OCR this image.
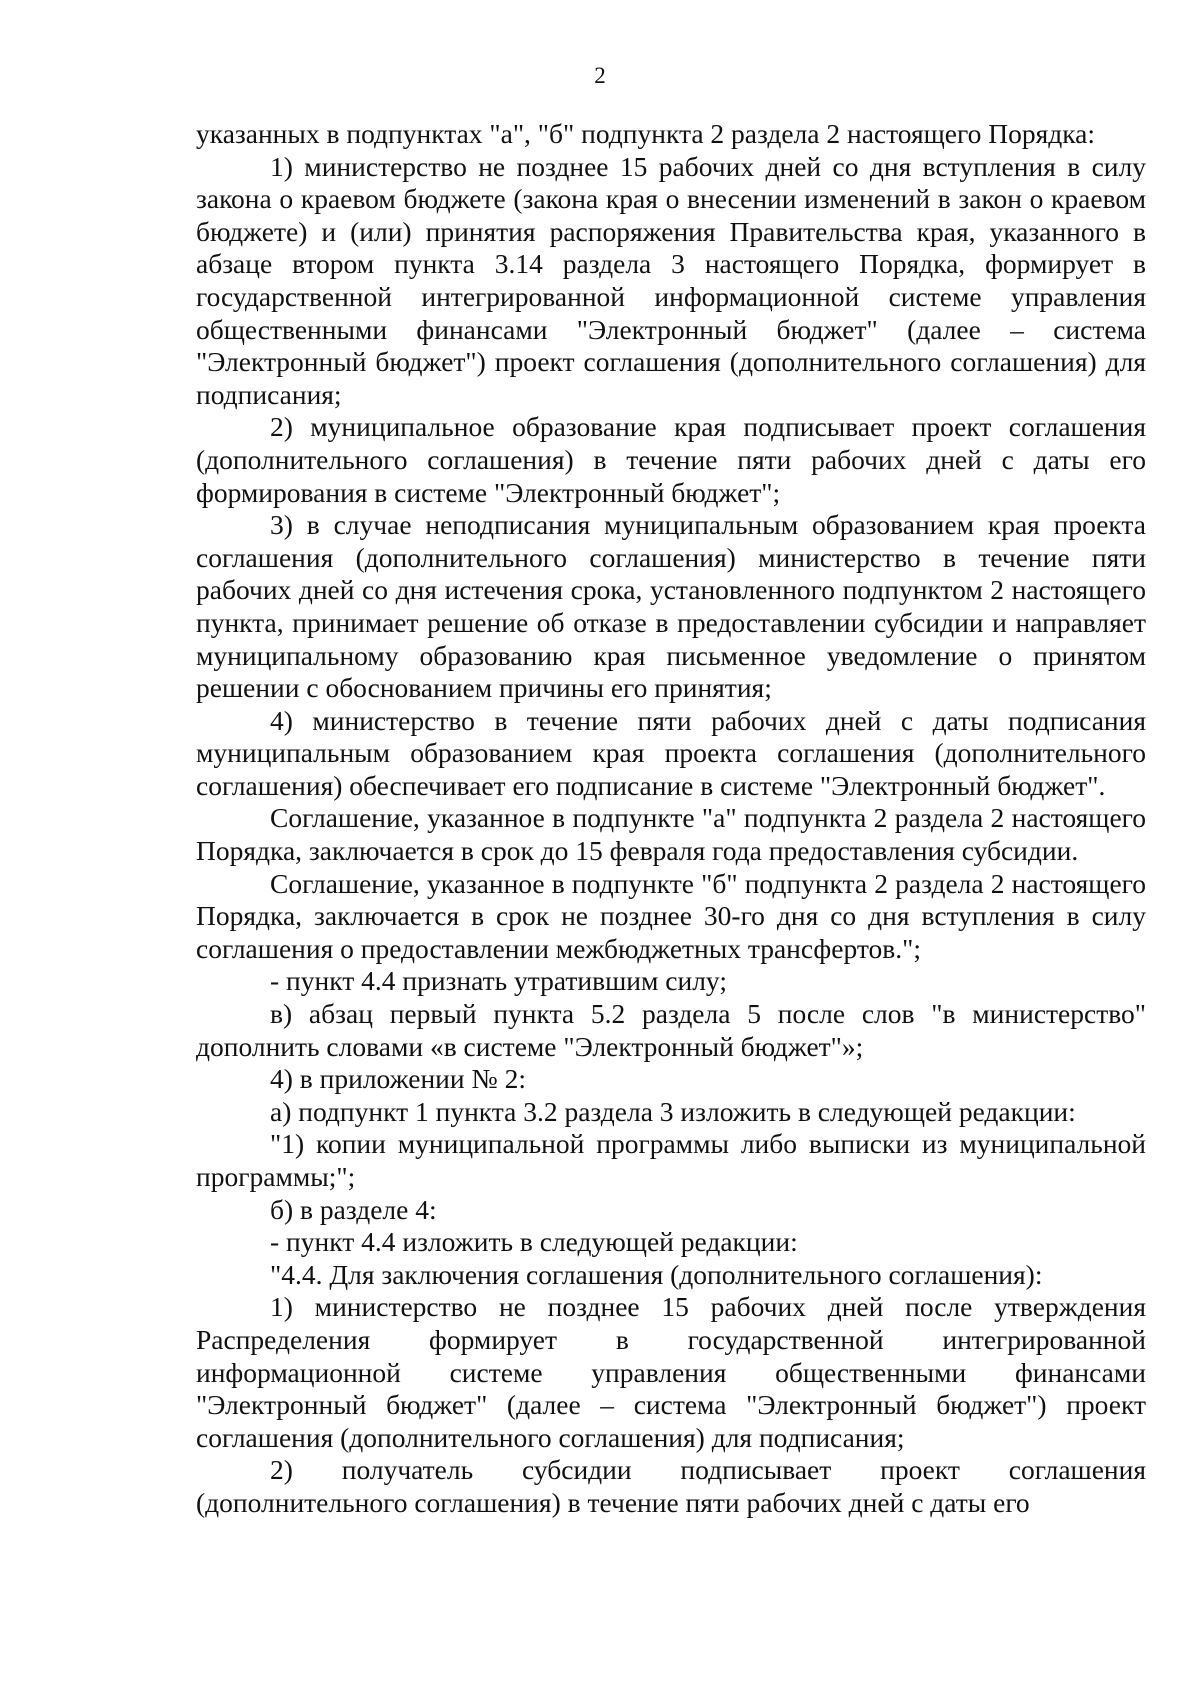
2

указанных в подпунктах "а", "б" подпункта 2 раздела 2 настоящего Порядка:

1) министерство не позднее 15 рабочих дней со дня вступления в силу закона о краевом бюджете (закона края о внесении изменений в закон о краевом бюджете) и (или) принятия распоряжения Правительства края, указанного в абзаце втором пункта 3.14 раздела 3 настоящего Порядка, формирует в государственной интегрированной информационной системе управления общественными финансами "Электронный бюджет" (далее – система "Электронный бюджет") проект соглашения (дополнительного соглашения) для подписания;

2) муниципальное образование края подписывает проект соглашения (дополнительного соглашения) в течение пяти рабочих дней с даты его формирования в системе "Электронный бюджет";

3) в случае неподписания муниципальным образованием края проекта соглашения (дополнительного соглашения) министерство в течение пяти рабочих дней со дня истечения срока, установленного подпунктом 2 настоящего пункта, принимает решение об отказе в предоставлении субсидии и направляет муниципальному образованию края письменное уведомление о принятом решении с обоснованием причины его принятия;

4) министерство в течение пяти рабочих дней с даты подписания муниципальным образованием края проекта соглашения (дополнительного соглашения) обеспечивает его подписание в системе "Электронный бюджет".

Соглашение, указанное в подпункте "а" подпункта 2 раздела 2 настоящего Порядка, заключается в срок до 15 февраля года предоставления субсидии.

Соглашение, указанное в подпункте "б" подпункта 2 раздела 2 настоящего Порядка, заключается в срок не позднее 30-го дня со дня вступления в силу соглашения о предоставлении межбюджетных трансфертов.";

- пункт 4.4 признать утратившим силу;

в) абзац первый пункта 5.2 раздела 5 после слов "в министерство" дополнить словами «в системе "Электронный бюджет"»;

4) в приложении № 2:

а) подпункт 1 пункта 3.2 раздела 3 изложить в следующей редакции:

"1) копии муниципальной программы либо выписки из муниципальной программы;";

б) в разделе 4:

- пункт 4.4 изложить в следующей редакции:

"4.4. Для заключения соглашения (дополнительного соглашения):

1) министерство не позднее 15 рабочих дней после утверждения Распределения формирует в государственной интегрированной информационной системе управления общественными финансами "Электронный бюджет" (далее – система "Электронный бюджет") проект соглашения (дополнительного соглашения) для подписания;

2) получатель субсидии подписывает проект соглашения (дополнительного соглашения) в течение пяти рабочих дней с даты его
